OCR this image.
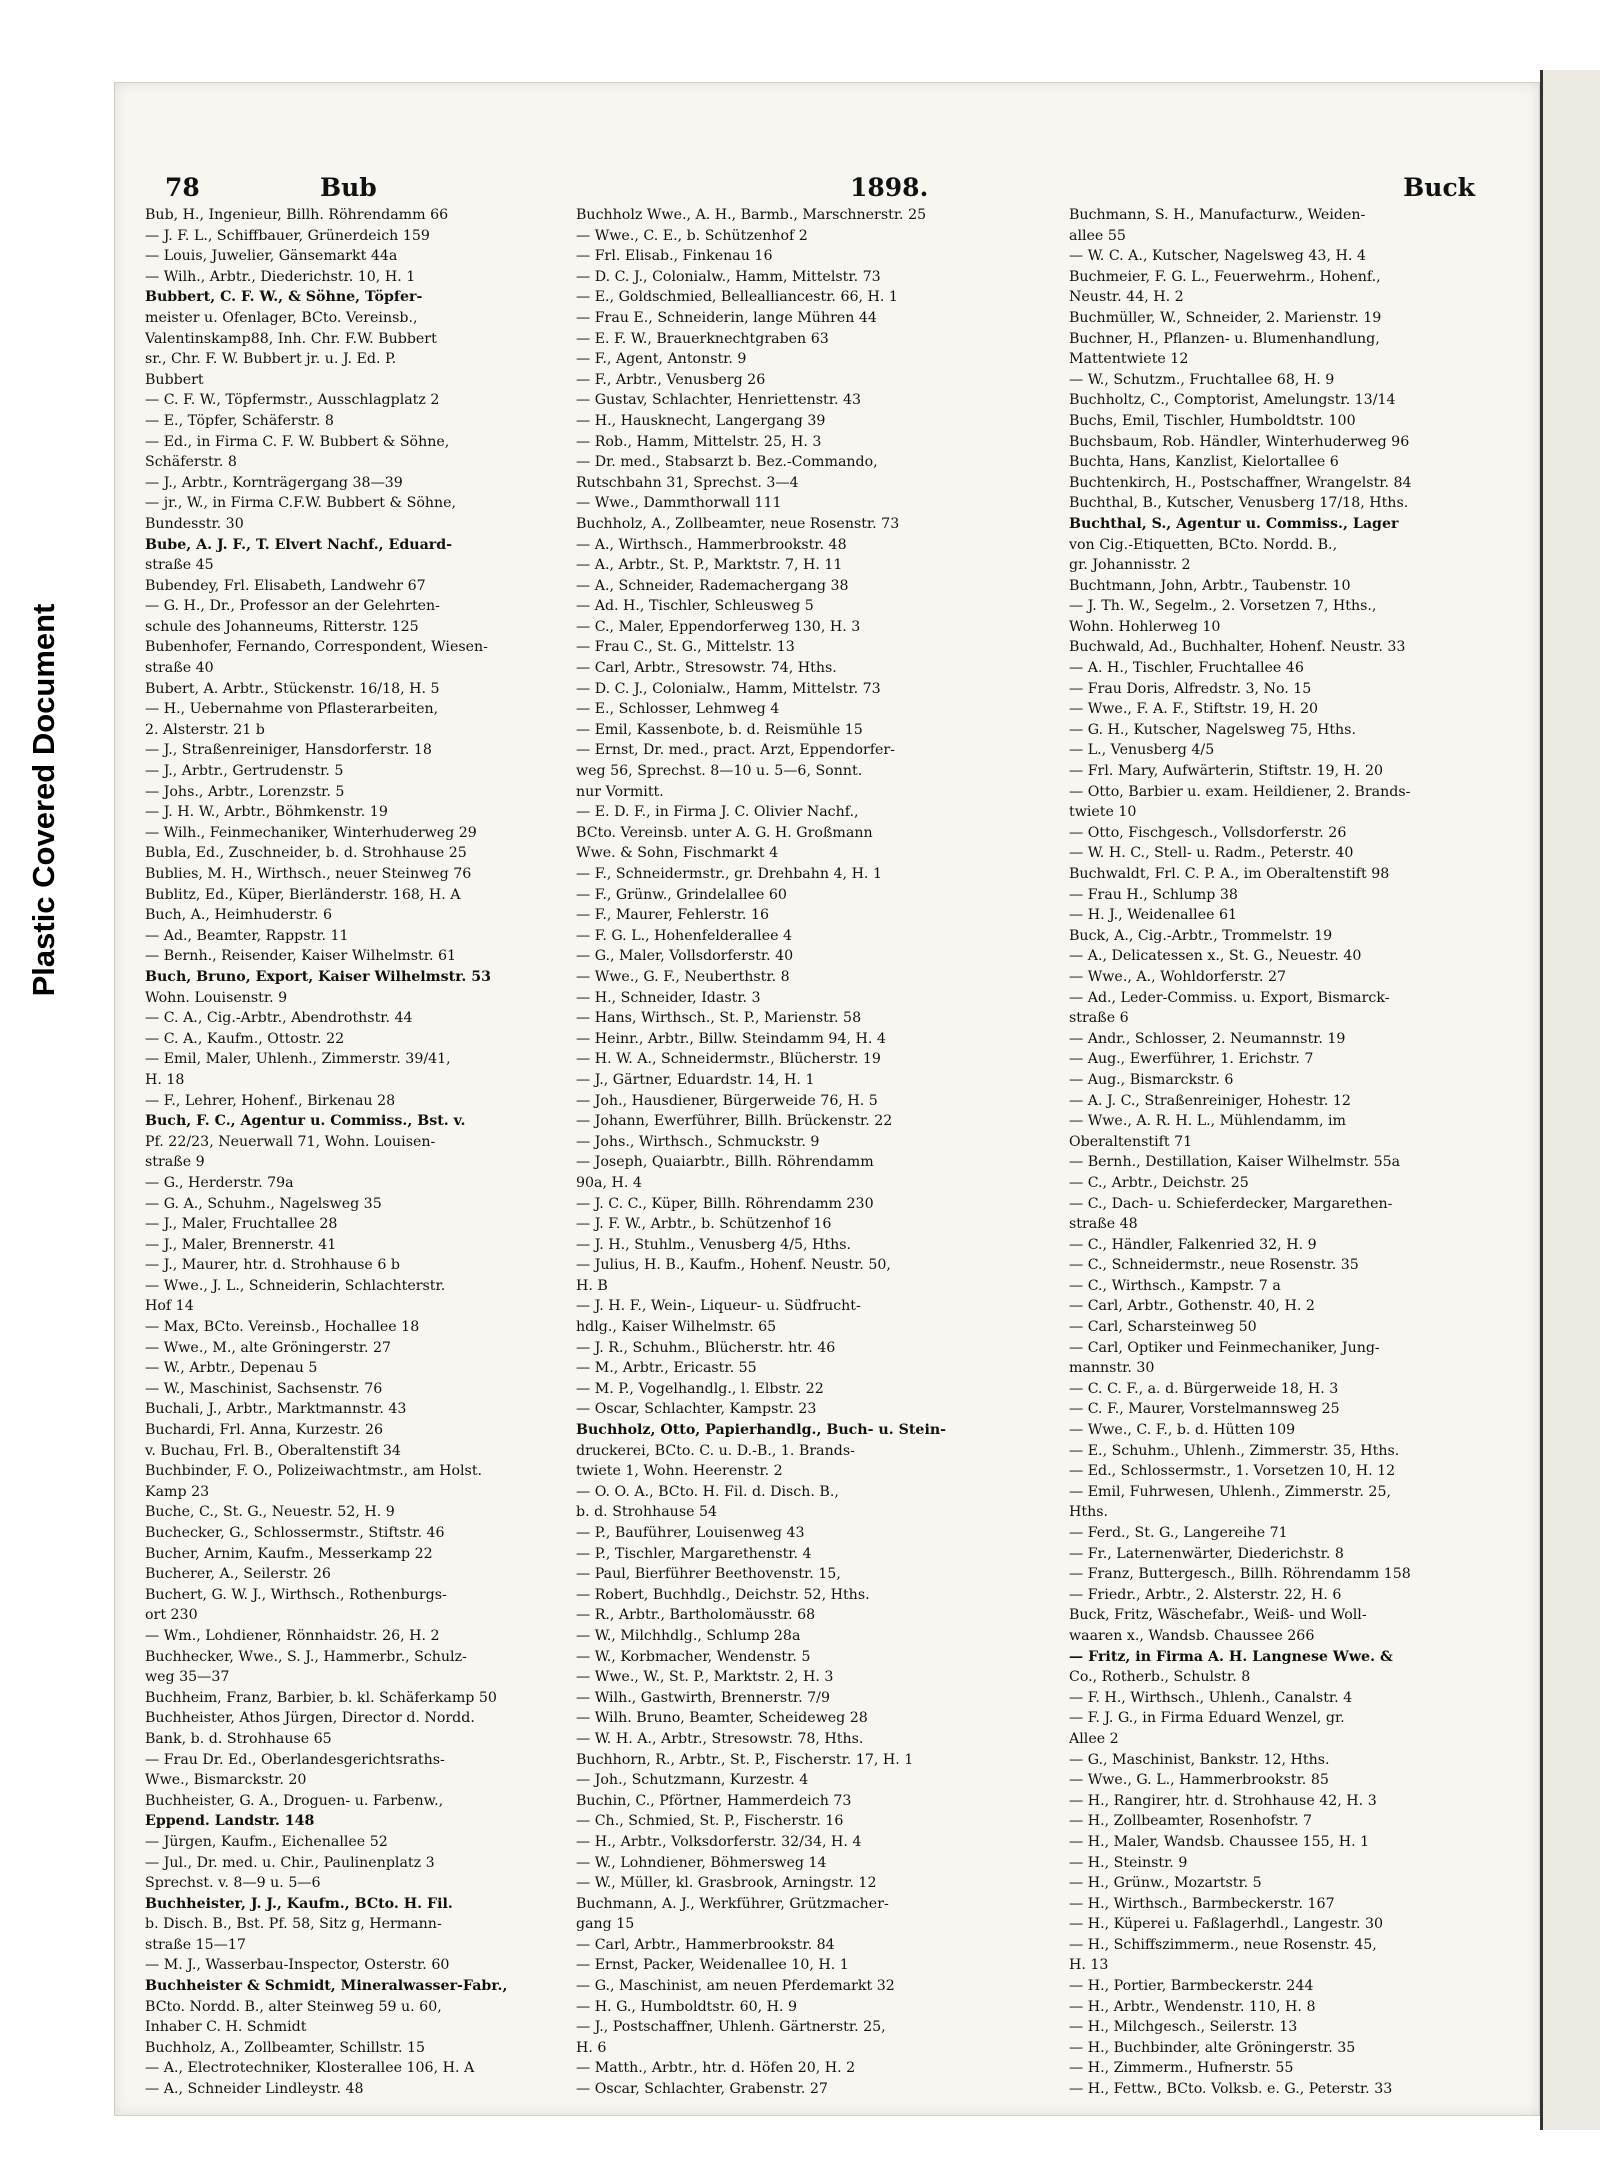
Plastic Covered Document
78	Bub	1898.	Buck
Bub, H., Ingenieur, Billh. Röhrendamm 66
— J. F. L., Schiffbauer, Grünerdeich 159
— Louis, Juwelier, Gänsemarkt 44a
— Wilh., Arbtr., Diederichstr. 10, H. 1
Bubbert, C. F. W., & Söhne, Töpfer-
meister u. Ofenlager, BCto. Vereinsb.,
Valentinskamp88, Inh. Chr. F.W. Bubbert
sr., Chr. F. W. Bubbert jr. u. J. Ed. P.
Bubbert
— C. F. W., Töpfermstr., Ausschlagplatz 2
— E., Töpfer, Schäferstr. 8
— Ed., in Firma C. F. W. Bubbert & Söhne,
Schäferstr. 8
— J., Arbtr., Kornträgergang 38—39
— jr., W., in Firma C.F.W. Bubbert & Söhne,
Bundesstr. 30
Bube, A. J. F., T. Elvert Nachf., Eduard-
straße 45
Bubendey, Frl. Elisabeth, Landwehr 67
— G. H., Dr., Professor an der Gelehrten-
schule des Johanneums, Ritterstr. 125
Bubenhofer, Fernando, Correspondent, Wiesen-
straße 40
Bubert, A. Arbtr., Stückenstr. 16/18, H. 5
— H., Uebernahme von Pflasterarbeiten,
2. Alsterstr. 21 b
— J., Straßenreiniger, Hansdorferstr. 18
— J., Arbtr., Gertrudenstr. 5
— Johs., Arbtr., Lorenzstr. 5
— J. H. W., Arbtr., Böhmkenstr. 19
— Wilh., Feinmechaniker, Winterhuderweg 29
Bubla, Ed., Zuschneider, b. d. Strohhause 25
Bublies, M. H., Wirthsch., neuer Steinweg 76
Bublitz, Ed., Küper, Bierländerstr. 168, H. A
Buch, A., Heimhuderstr. 6
— Ad., Beamter, Rappstr. 11
— Bernh., Reisender, Kaiser Wilhelmstr. 61
Buch, Bruno, Export, Kaiser Wilhelmstr. 53
Wohn. Louisenstr. 9
— C. A., Cig.-Arbtr., Abendrothstr. 44
— C. A., Kaufm., Ottostr. 22
— Emil, Maler, Uhlenh., Zimmerstr. 39/41,
H. 18
— F., Lehrer, Hohenf., Birkenau 28
Buch, F. C., Agentur u. Commiss., Bst. v.
Pf. 22/23, Neuerwall 71, Wohn. Louisen-
straße 9
— G., Herderstr. 79a
— G. A., Schuhm., Nagelsweg 35
— J., Maler, Fruchtallee 28
— J., Maler, Brennerstr. 41
— J., Maurer, htr. d. Strohhause 6 b
— Wwe., J. L., Schneiderin, Schlachterstr.
Hof 14
— Max, BCto. Vereinsb., Hochallee 18
— Wwe., M., alte Gröningerstr. 27
— W., Arbtr., Depenau 5
— W., Maschinist, Sachsenstr. 76
Buchali, J., Arbtr., Marktmannstr. 43
Buchardi, Frl. Anna, Kurzestr. 26
v. Buchau, Frl. B., Oberaltenstift 34
Buchbinder, F. O., Polizeiwachtmstr., am Holst.
Kamp 23
Buche, C., St. G., Neuestr. 52, H. 9
Buchecker, G., Schlossermstr., Stiftstr. 46
Bucher, Arnim, Kaufm., Messerkamp 22
Bucherer, A., Seilerstr. 26
Buchert, G. W. J., Wirthsch., Rothenburgs-
ort 230
— Wm., Lohdiener, Rönnhaidstr. 26, H. 2
Buchhecker, Wwe., S. J., Hammerbr., Schulz-
weg 35—37
Buchheim, Franz, Barbier, b. kl. Schäferkamp 50
Buchheister, Athos Jürgen, Director d. Nordd.
Bank, b. d. Strohhause 65
— Frau Dr. Ed., Oberlandesgerichtsraths-
Wwe., Bismarckstr. 20
Buchheister, G. A., Droguen- u. Farbenw.,
Eppend. Landstr. 148
— Jürgen, Kaufm., Eichenallee 52
— Jul., Dr. med. u. Chir., Paulinenplatz 3
Sprechst. v. 8—9 u. 5—6
Buchheister, J. J., Kaufm., BCto. H. Fil.
b. Disch. B., Bst. Pf. 58, Sitz g, Hermann-
straße 15—17
— M. J., Wasserbau-Inspector, Osterstr. 60
Buchheister & Schmidt, Mineralwasser-Fabr.,
BCto. Nordd. B., alter Steinweg 59 u. 60,
Inhaber C. H. Schmidt
Buchholz, A., Zollbeamter, Schillstr. 15
— A., Electrotechniker, Klosterallee 106, H. A
— A., Schneider Lindleystr. 48
Buchholz Wwe., A. H., Barmb., Marschnerstr. 25
— Wwe., C. E., b. Schützenhof 2
— Frl. Elisab., Finkenau 16
— D. C. J., Colonialw., Hamm, Mittelstr. 73
— E., Goldschmied, Bellealliancestr. 66, H. 1
— Frau E., Schneiderin, lange Mühren 44
— E. F. W., Brauerknechtgraben 63
— F., Agent, Antonstr. 9
— F., Arbtr., Venusberg 26
— Gustav, Schlachter, Henriettenstr. 43
— H., Hausknecht, Langergang 39
— Rob., Hamm, Mittelstr. 25, H. 3
— Dr. med., Stabsarzt b. Bez.-Commando,
Rutschbahn 31, Sprechst. 3—4
— Wwe., Dammthorwall 111
Buchholz, A., Zollbeamter, neue Rosenstr. 73
— A., Wirthsch., Hammerbrookstr. 48
— A., Arbtr., St. P., Marktstr. 7, H. 11
— A., Schneider, Rademachergang 38
— Ad. H., Tischler, Schleusweg 5
— C., Maler, Eppendorferweg 130, H. 3
— Frau C., St. G., Mittelstr. 13
— Carl, Arbtr., Stresowstr. 74, Hths.
— D. C. J., Colonialw., Hamm, Mittelstr. 73
— E., Schlosser, Lehmweg 4
— Emil, Kassenbote, b. d. Reismühle 15
— Ernst, Dr. med., pract. Arzt, Eppendorfer-
weg 56, Sprechst. 8—10 u. 5—6, Sonnt.
nur Vormitt.
— E. D. F., in Firma J. C. Olivier Nachf.,
BCto. Vereinsb. unter A. G. H. Großmann
Wwe. & Sohn, Fischmarkt 4
— F., Schneidermstr., gr. Drehbahn 4, H. 1
— F., Grünw., Grindelallee 60
— F., Maurer, Fehlerstr. 16
— F. G. L., Hohenfelderallee 4
— G., Maler, Vollsdorferstr. 40
— Wwe., G. F., Neuberthstr. 8
— H., Schneider, Idastr. 3
— Hans, Wirthsch., St. P., Marienstr. 58
— Heinr., Arbtr., Billw. Steindamm 94, H. 4
— H. W. A., Schneidermstr., Blücherstr. 19
— J., Gärtner, Eduardstr. 14, H. 1
— Joh., Hausdiener, Bürgerweide 76, H. 5
— Johann, Ewerführer, Billh. Brückenstr. 22
— Johs., Wirthsch., Schmuckstr. 9
— Joseph, Quaiarbtr., Billh. Röhrendamm
90a, H. 4
— J. C. C., Küper, Billh. Röhrendamm 230
— J. F. W., Arbtr., b. Schützenhof 16
— J. H., Stuhlm., Venusberg 4/5, Hths.
— Julius, H. B., Kaufm., Hohenf. Neustr. 50,
H. B
— J. H. F., Wein-, Liqueur- u. Südfrucht-
hdlg., Kaiser Wilhelmstr. 65
— J. R., Schuhm., Blücherstr. htr. 46
— M., Arbtr., Ericastr. 55
— M. P., Vogelhandlg., l. Elbstr. 22
— Oscar, Schlachter, Kampstr. 23
Buchholz, Otto, Papierhandlg., Buch- u. Stein-
druckerei, BCto. C. u. D.-B., 1. Brands-
twiete 1, Wohn. Heerenstr. 2
— O. O. A., BCto. H. Fil. d. Disch. B.,
b. d. Strohhause 54
— P., Bauführer, Louisenweg 43
— P., Tischler, Margarethenstr. 4
— Paul, Bierführer Beethovenstr. 15,
— Robert, Buchhdlg., Deichstr. 52, Hths.
— R., Arbtr., Bartholomäusstr. 68
— W., Milchhdlg., Schlump 28a
— W., Korbmacher, Wendenstr. 5
— Wwe., W., St. P., Marktstr. 2, H. 3
— Wilh., Gastwirth, Brennerstr. 7/9
— Wilh. Bruno, Beamter, Scheideweg 28
— W. H. A., Arbtr., Stresowstr. 78, Hths.
Buchhorn, R., Arbtr., St. P., Fischerstr. 17, H. 1
— Joh., Schutzmann, Kurzestr. 4
Buchin, C., Pförtner, Hammerdeich 73
— Ch., Schmied, St. P., Fischerstr. 16
— H., Arbtr., Volksdorferstr. 32/34, H. 4
— W., Lohndiener, Böhmersweg 14
— W., Müller, kl. Grasbrook, Arningstr. 12
Buchmann, A. J., Werkführer, Grützmacher-
gang 15
— Carl, Arbtr., Hammerbrookstr. 84
— Ernst, Packer, Weidenallee 10, H. 1
— G., Maschinist, am neuen Pferdemarkt 32
— H. G., Humboldtstr. 60, H. 9
— J., Postschaffner, Uhlenh. Gärtnerstr. 25,
H. 6
— Matth., Arbtr., htr. d. Höfen 20, H. 2
— Oscar, Schlachter, Grabenstr. 27
Buchmann, S. H., Manufacturw., Weiden-
allee 55
— W. C. A., Kutscher, Nagelsweg 43, H. 4
Buchmeier, F. G. L., Feuerwehrm., Hohenf.,
Neustr. 44, H. 2
Buchmüller, W., Schneider, 2. Marienstr. 19
Buchner, H., Pflanzen- u. Blumenhandlung,
Mattentwiete 12
— W., Schutzm., Fruchtallee 68, H. 9
Buchholtz, C., Comptorist, Amelungstr. 13/14
Buchs, Emil, Tischler, Humboldtstr. 100
Buchsbaum, Rob. Händler, Winterhuderweg 96
Buchta, Hans, Kanzlist, Kielortallee 6
Buchtenkirch, H., Postschaffner, Wrangelstr. 84
Buchthal, B., Kutscher, Venusberg 17/18, Hths.
Buchthal, S., Agentur u. Commiss., Lager
von Cig.-Etiquetten, BCto. Nordd. B.,
gr. Johannisstr. 2
Buchtmann, John, Arbtr., Taubenstr. 10
— J. Th. W., Segelm., 2. Vorsetzen 7, Hths.,
Wohn. Hohlerweg 10
Buchwald, Ad., Buchhalter, Hohenf. Neustr. 33
— A. H., Tischler, Fruchtallee 46
— Frau Doris, Alfredstr. 3, No. 15
— Wwe., F. A. F., Stiftstr. 19, H. 20
— G. H., Kutscher, Nagelsweg 75, Hths.
— L., Venusberg 4/5
— Frl. Mary, Aufwärterin, Stiftstr. 19, H. 20
— Otto, Barbier u. exam. Heildiener, 2. Brands-
twiete 10
— Otto, Fischgesch., Vollsdorferstr. 26
— W. H. C., Stell- u. Radm., Peterstr. 40
Buchwaldt, Frl. C. P. A., im Oberaltenstift 98
— Frau H., Schlump 38
— H. J., Weidenallee 61
Buck, A., Cig.-Arbtr., Trommelstr. 19
— A., Delicatessen x., St. G., Neuestr. 40
— Wwe., A., Wohldorferstr. 27
— Ad., Leder-Commiss. u. Export, Bismarck-
straße 6
— Andr., Schlosser, 2. Neumannstr. 19
— Aug., Ewerführer, 1. Erichstr. 7
— Aug., Bismarckstr. 6
— A. J. C., Straßenreiniger, Hohestr. 12
— Wwe., A. R. H. L., Mühlendamm, im
Oberaltenstift 71
— Bernh., Destillation, Kaiser Wilhelmstr. 55a
— C., Arbtr., Deichstr. 25
— C., Dach- u. Schieferdecker, Margarethen-
straße 48
— C., Händler, Falkenried 32, H. 9
— C., Schneidermstr., neue Rosenstr. 35
— C., Wirthsch., Kampstr. 7 a
— Carl, Arbtr., Gothenstr. 40, H. 2
— Carl, Scharsteinweg 50
— Carl, Optiker und Feinmechaniker, Jung-
mannstr. 30
— C. C. F., a. d. Bürgerweide 18, H. 3
— C. F., Maurer, Vorstelmannsweg 25
— Wwe., C. F., b. d. Hütten 109
— E., Schuhm., Uhlenh., Zimmerstr. 35, Hths.
— Ed., Schlossermstr., 1. Vorsetzen 10, H. 12
— Emil, Fuhrwesen, Uhlenh., Zimmerstr. 25,
Hths.
— Ferd., St. G., Langereihe 71
— Fr., Laternenwärter, Diederichstr. 8
— Franz, Buttergesch., Billh. Röhrendamm 158
— Friedr., Arbtr., 2. Alsterstr. 22, H. 6
Buck, Fritz, Wäschefabr., Weiß- und Woll-
waaren x., Wandsb. Chaussee 266
— Fritz, in Firma A. H. Langnese Wwe. &
Co., Rotherb., Schulstr. 8
— F. H., Wirthsch., Uhlenh., Canalstr. 4
— F. J. G., in Firma Eduard Wenzel, gr.
Allee 2
— G., Maschinist, Bankstr. 12, Hths.
— Wwe., G. L., Hammerbrookstr. 85
— H., Rangirer, htr. d. Strohhause 42, H. 3
— H., Zollbeamter, Rosenhofstr. 7
— H., Maler, Wandsb. Chaussee 155, H. 1
— H., Steinstr. 9
— H., Grünw., Mozartstr. 5
— H., Wirthsch., Barmbeckerstr. 167
— H., Küperei u. Faßlagerhdl., Langestr. 30
— H., Schiffszimmerm., neue Rosenstr. 45,
H. 13
— H., Portier, Barmbeckerstr. 244
— H., Arbtr., Wendenstr. 110, H. 8
— H., Milchgesch., Seilerstr. 13
— H., Buchbinder, alte Gröningerstr. 35
— H., Zimmerm., Hufnerstr. 55
— H., Fettw., BCto. Volksb. e. G., Peterstr. 33
